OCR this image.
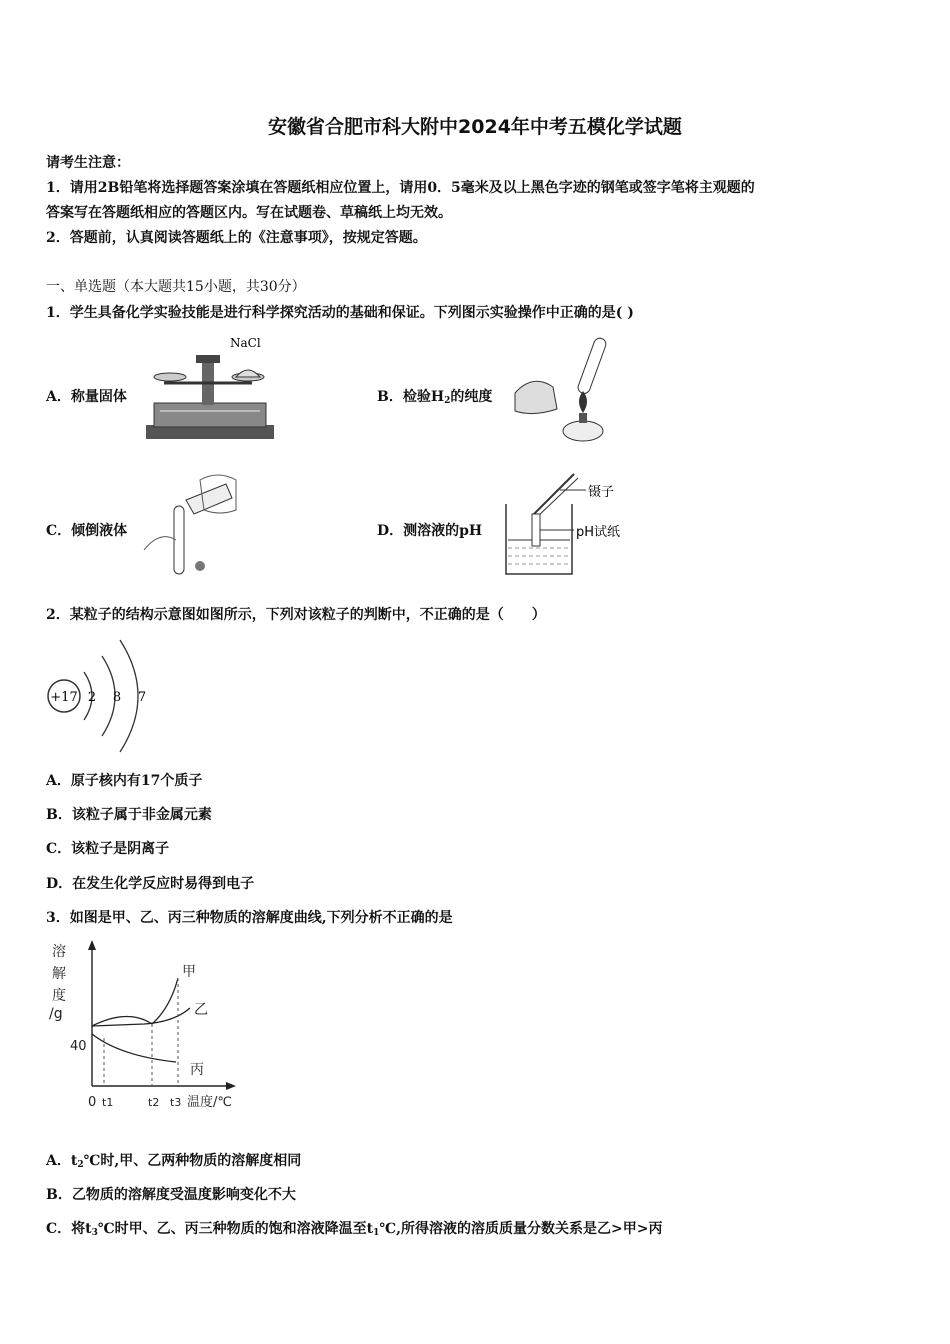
安徽省合肥市科大附中2024年中考五模化学试题
请考生注意：
1．请用2B铅笔将选择题答案涂填在答题纸相应位置上，请用0．5毫米及以上黑色字迹的钢笔或签字笔将主观题的
答案写在答题纸相应的答题区内。写在试题卷、草稿纸上均无效。
2．答题前，认真阅读答题纸上的《注意事项》，按规定答题。
一、单选题（本大题共15小题，共30分）
1．学生具备化学实验技能是进行科学探究活动的基础和保证。下列图示实验操作中正确的是( )
A．称量固体	B．检验$H_2$的纯度
C．倾倒液体	D．测溶液的pH
NaCl
镊子
pH试纸
2．某粒子的结构示意图如图所示，下列对该粒子的判断中，不正确的是（　　）
+17 2 8 7
A．原子核内有17个质子
B．该粒子属于非金属元素
C．该粒子是阴离子
D．在发生化学反应时易得到电子
3．如图是甲、乙、丙三种物质的溶解度曲线,下列分析不正确的是
溶
解
度
/g
甲
乙
丙
40
0 t1	t2 t3 温度/℃
A．$t_2℃$时,甲、乙两种物质的溶解度相同
B．乙物质的溶解度受温度影响变化不大
C．将$t_3℃$时甲、乙、丙三种物质的饱和溶液降温至$t_1℃$,所得溶液的溶质质量分数关系是乙>甲>丙
